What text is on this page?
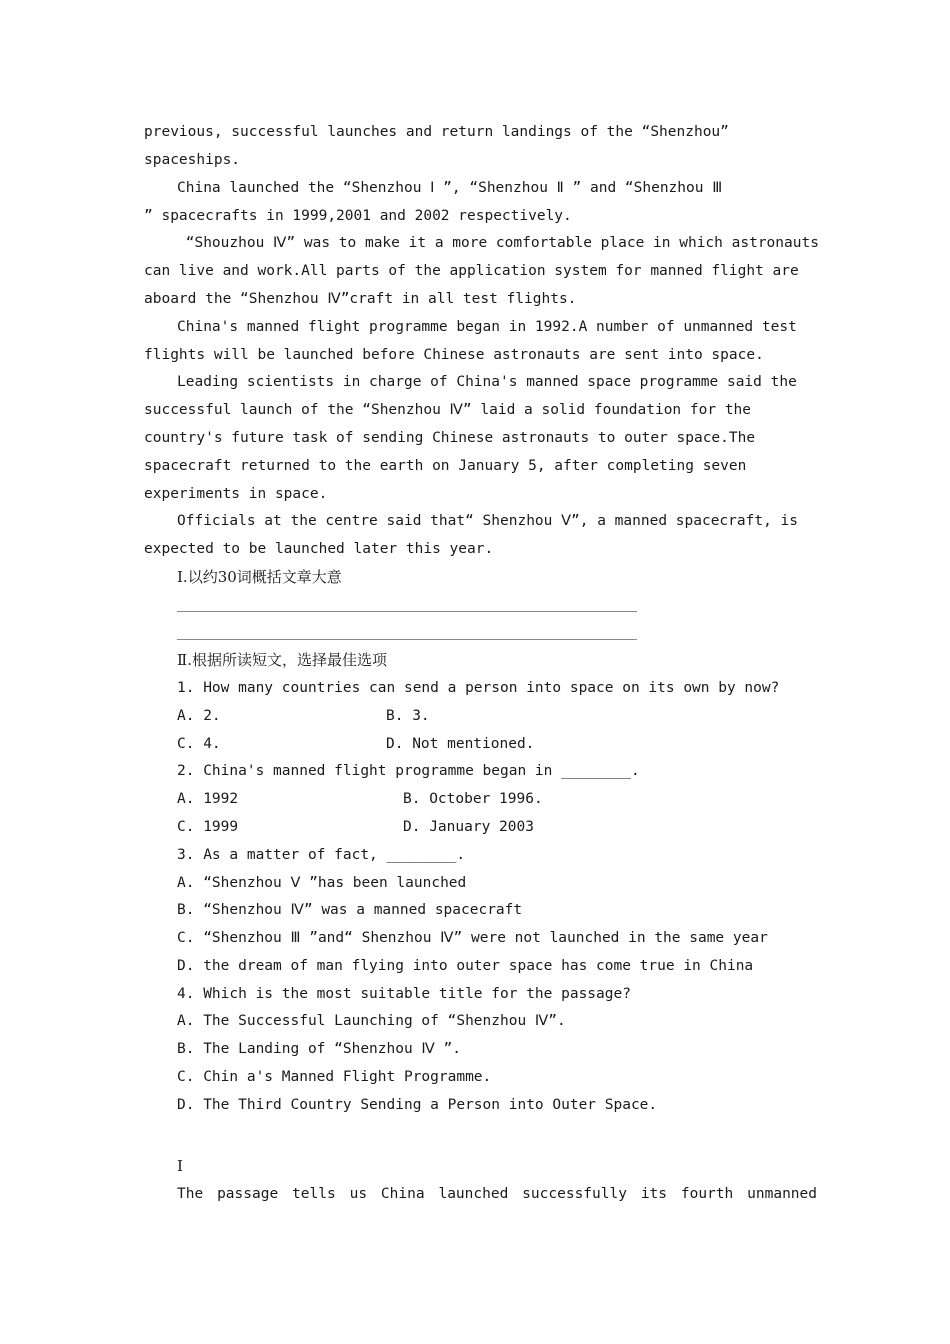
previous, successful launches and return landings of the “Shenzhou”
spaceships.
China launched the “Shenzhou Ⅰ ”, “Shenzhou Ⅱ ” and “Shenzhou Ⅲ
” spacecrafts in 1999,2001 and 2002 respectively.
“Shouzhou Ⅳ” was to make it a more comfortable place in which astronauts
can live and work.All parts of the application system for manned flight are
aboard the “Shenzhou Ⅳ”craft in all test flights.
China's manned flight programme began in 1992.A number of unmanned test
flights will be launched before Chinese astronauts are sent into space.
Leading scientists in charge of China's manned space programme said the
successful launch of the “Shenzhou Ⅳ” laid a solid foundation for the
country's future task of sending Chinese astronauts to outer space.The
spacecraft returned to the earth on January 5, after completing seven
experiments in space.
Officials at the centre said that“ Shenzhou Ⅴ”, a manned spacecraft, is
expected to be launched later this year.
Ⅰ.以约30词概括文章大意
Ⅱ.根据所读短文，选择最佳选项
1. How many countries can send a person into space on its own by now?
A. 2.	B. 3.
C. 4.	D. Not mentioned.
2. China's manned flight programme began in ________.
A. 1992	B. October 1996.
C. 1999	D. January 2003
3. As a matter of fact, ________.
A. “Shenzhou Ⅴ ”has been launched
B. “Shenzhou Ⅳ” was a manned spacecraft
C. “Shenzhou Ⅲ ”and“ Shenzhou Ⅳ” were not launched in the same year
D. the dream of man flying into outer space has come true in China
4. Which is the most suitable title for the passage?
A. The Successful Launching of “Shenzhou Ⅳ”.
B. The Landing of “Shenzhou Ⅳ ”.
C. Chin a's Manned Flight Programme.
D. The Third Country Sending a Person into Outer Space.
Ⅰ
The passage tells us China launched successfully its fourth unmanned
